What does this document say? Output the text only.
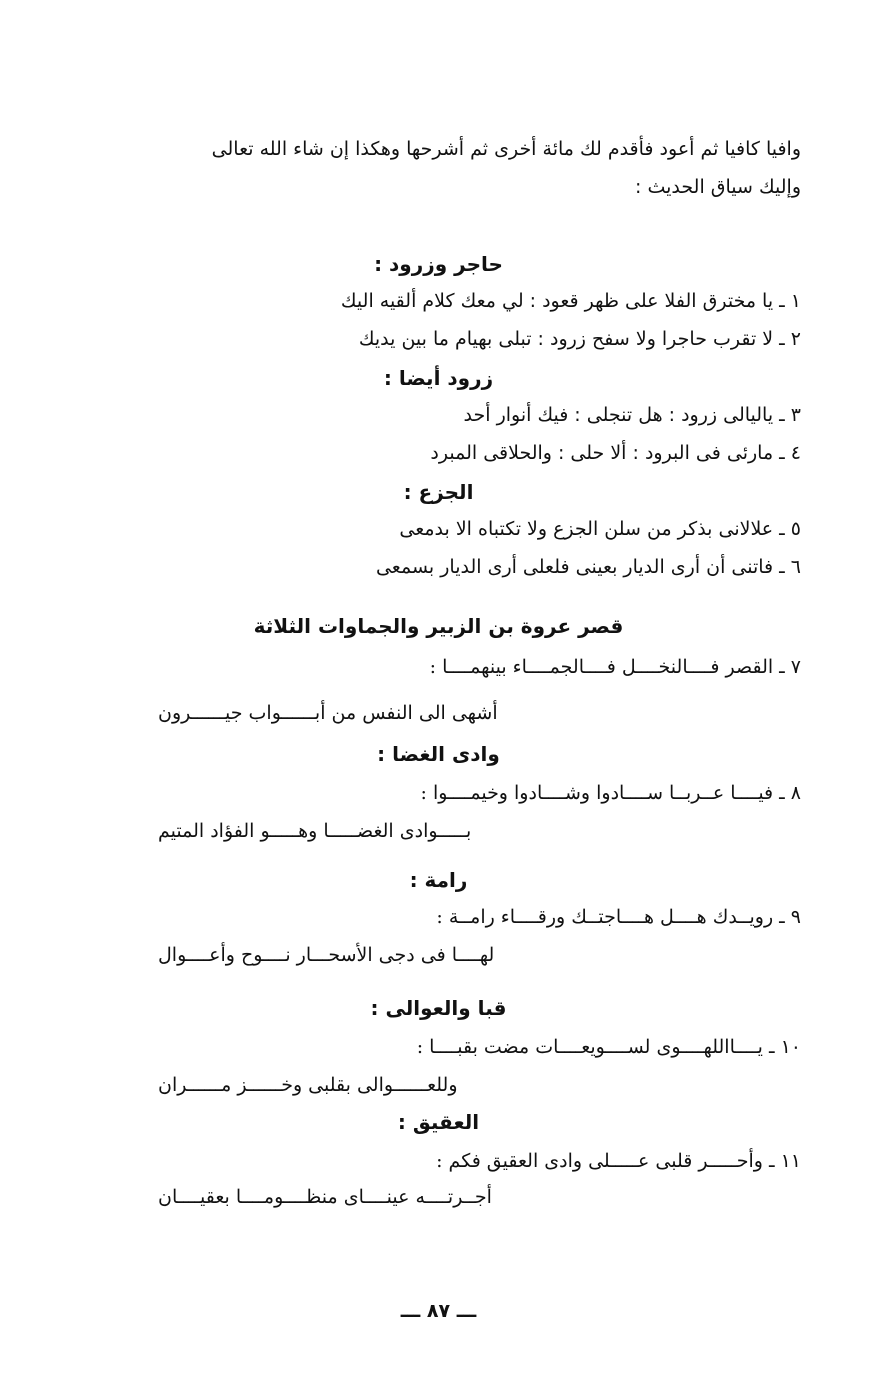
وافيا كافيا ثم أعود فأقدم لك مائة أخرى ثم أشرحها وهكذا إن شاء الله تعالى
وإليك سياق الحديث :
حاجر وزرود :
١ ـ يا مخترق الفلا على ظهر قعود : لي معك كلام ألقيه اليك
٢ ـ لا تقرب حاجرا ولا سفح زرود : تبلى بهيام ما بين يديك
زرود أيضا :
٣ ـ ياليالى زرود : هل تنجلى : فيك أنوار أحد
٤ ـ مارئى فى البرود : ألا حلى : والحلاقى المبرد
الجزع :
٥ ـ علالانى بذكر من سلن الجزع ولا تكتباه الا بدمعى
٦ ـ فاتنى أن أرى الديار بعينى فلعلى أرى الديار بسمعى
قصر عروة بن الزبير والجماوات الثلاثة
٧ ـ القصر فــــالنخــــل فــــالجمــــاء بينهمــــا :
أشهى الى النفس من أبــــــواب جيــــــرون
وادى الغضا :
٨ ـ فيــــا عــربــا ســــادوا وشــــادوا وخيمــــوا :
بـــــوادى الغضـــــا وهـــــو الفؤاد المتيم
رامة :
٩ ـ رويــدك هــــل هــــاجتــك ورقــــاء رامــة :
لهــــا فى دجى الأسحـــار نــــوح وأعــــوال
قبا والعوالى :
١٠ ـ يــــااللهــــوى لســــويعــــات مضت بقبــــا :
وللعــــــوالى بقلبى وخــــــز مــــــران
العقيق :
١١ ـ وأحـــــر قلبى عـــــلى وادى العقيق فكم :
أجــرتــــه عينــــاى منظــــومــــا بعقيــــان
ـــ ٨٧ ـــ
